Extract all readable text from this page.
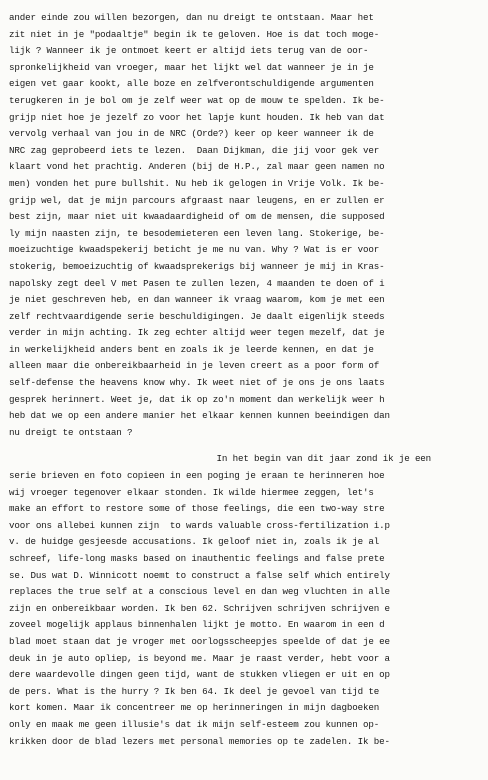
ander einde zou willen bezorgen, dan nu dreigt te ontstaan. Maar het
zit niet in je "podaaltje" begin ik te geloven. Hoe is dat toch moge-
lijk ? Wanneer ik je ontmoet keert er altijd iets terug van de oor-
spronkelijkheid van vroeger, maar het lijkt wel dat wanneer je in je
eigen vet gaar kookt, alle boze en zelfverontschuldigende argumenten
terugkeren in je bol om je zelf weer wat op de mouw te spelden. Ik be-
grijp niet hoe je jezelf zo voor het lapje kunt houden. Ik heb van dat
vervolg verhaal van jou in de NRC (Orde?) keer op keer wanneer ik de
NRC zag geprobeerd iets te lezen.  Daan Dijkman, die jij voor gek ver
klaart vond het prachtig. Anderen (bij de H.P., zal maar geen namen no
men) vonden het pure bullshit. Nu heb ik gelogen in Vrije Volk. Ik be-
grijp wel, dat je mijn parcours afgraast naar leugens, en er zullen er
best zijn, maar niet uit kwaadaardigheid of om de mensen, die supposed
ly mijn naasten zijn, te besodemieteren een leven lang. Stokerige, be-
moeizuchtige kwaadspekerij beticht je me nu van. Why ? Wat is er voor
stokerig, bemoeizuchtig of kwaadsprekerigs bij wanneer je mij in Kras-
napolsky zegt deel V met Pasen te zullen lezen, 4 maanden te doen of i
je niet geschreven heb, en dan wanneer ik vraag waarom, kom je met een
zelf rechtvaardigende serie beschuldigingen. Je daalt eigenlijk steeds
verder in mijn achting. Ik zeg echter altijd weer tegen mezelf, dat je
in werkelijkheid anders bent en zoals ik je leerde kennen, en dat je
alleen maar die onbereikbaarheid in je leven creert as a poor form of
self-defense the heavens know why. Ik weet niet of je ons je ons laats
gesprek herinnert. Weet je, dat ik op zo'n moment dan werkelijk weer h
heb dat we op een andere manier het elkaar kennen kunnen beeindigen dan
nu dreigt te ontstaan ?
In het begin van dit jaar zond ik je een
serie brieven en foto copieen in een poging je eraan te herinneren hoe
wij vroeger tegenover elkaar stonden. Ik wilde hiermee zeggen, let's
make an effort to restore some of those feelings, die een two-way stre
voor ons allebei kunnen zijn  to wards valuable cross-fertilization i.p
v. de huidge gesjeesde accusations. Ik geloof niet in, zoals ik je al
schreef, life-long masks based on inauthentic feelings and false prete
se. Dus wat D. Winnicott noemt to construct a false self which entirely
replaces the true self at a conscious level en dan weg vluchten in alle
zijn en onbereikbaar worden. Ik ben 62. Schrijven schrijven schrijven e
zoveel mogelijk applaus binnenhalen lijkt je motto. En waarom in een d
blad moet staan dat je vroger met oorlogsscheepjes speelde of dat je ee
deuk in je auto opliep, is beyond me. Maar je raast verder, hebt voor a
dere waardevolle dingen geen tijd, want de stukken vliegen er uit en op
de pers. What is the hurry ? Ik ben 64. Ik deel je gevoel van tijd te
kort komen. Maar ik concentreer me op herinneringen in mijn dagboeken
only en maak me geen illusie's dat ik mijn self-esteem zou kunnen op-
krikken door de blad lezers met personal memories op te zadelen. Ik be-
